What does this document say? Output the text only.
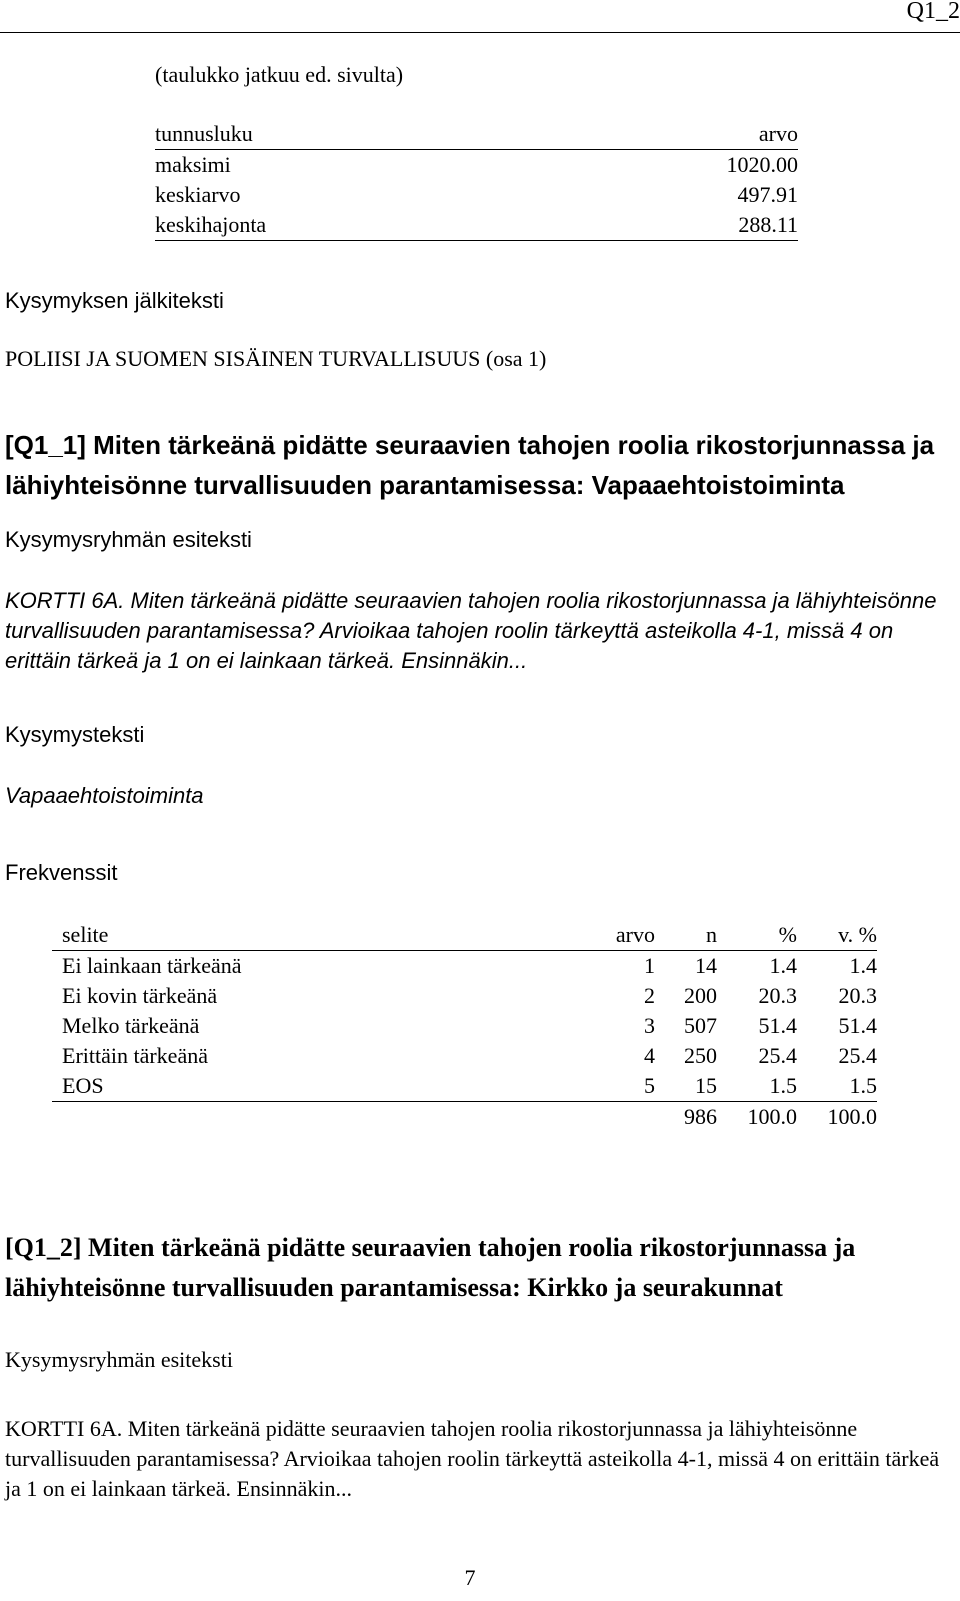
Q1_2
(taulukko jatkuu ed. sivulta)
tunnusluku	arvo
maksimi	1020.00
keskiarvo	497.91
keskihajonta	288.11
Kysymyksen jälkiteksti
POLIISI JA SUOMEN SISÄINEN TURVALLISUUS (osa 1)
[Q1_1] Miten tärkeänä pidätte seuraavien tahojen roolia rikostorjunnassa ja lähiyhteisönne turvallisuuden parantamisessa: Vapaaehtoistoiminta
Kysymysryhmän esiteksti
KORTTI 6A. Miten tärkeänä pidätte seuraavien tahojen roolia rikostorjunnassa ja lähiyhteisönne turvallisuuden parantamisessa? Arvioikaa tahojen roolin tärkeyttä asteikolla 4-1, missä 4 on erittäin tärkeä ja 1 on ei lainkaan tärkeä. Ensinnäkin...
Kysymysteksti
Vapaaehtoistoiminta
Frekvenssit
selite	arvo	n	%	v. %
Ei lainkaan tärkeänä	1	14	1.4	1.4
Ei kovin tärkeänä	2	200	20.3	20.3
Melko tärkeänä	3	507	51.4	51.4
Erittäin tärkeänä	4	250	25.4	25.4
EOS	5	15	1.5	1.5
		986	100.0	100.0
[Q1_2] Miten tärkeänä pidätte seuraavien tahojen roolia rikostorjunnassa ja lähiyhteisönne turvallisuuden parantamisessa: Kirkko ja seurakunnat
Kysymysryhmän esiteksti
KORTTI 6A. Miten tärkeänä pidätte seuraavien tahojen roolia rikostorjunnassa ja lähiyhteisönne turvallisuuden parantamisessa? Arvioikaa tahojen roolin tärkeyttä asteikolla 4-1, missä 4 on erittäin tärkeä ja 1 on ei lainkaan tärkeä. Ensinnäkin...
7
